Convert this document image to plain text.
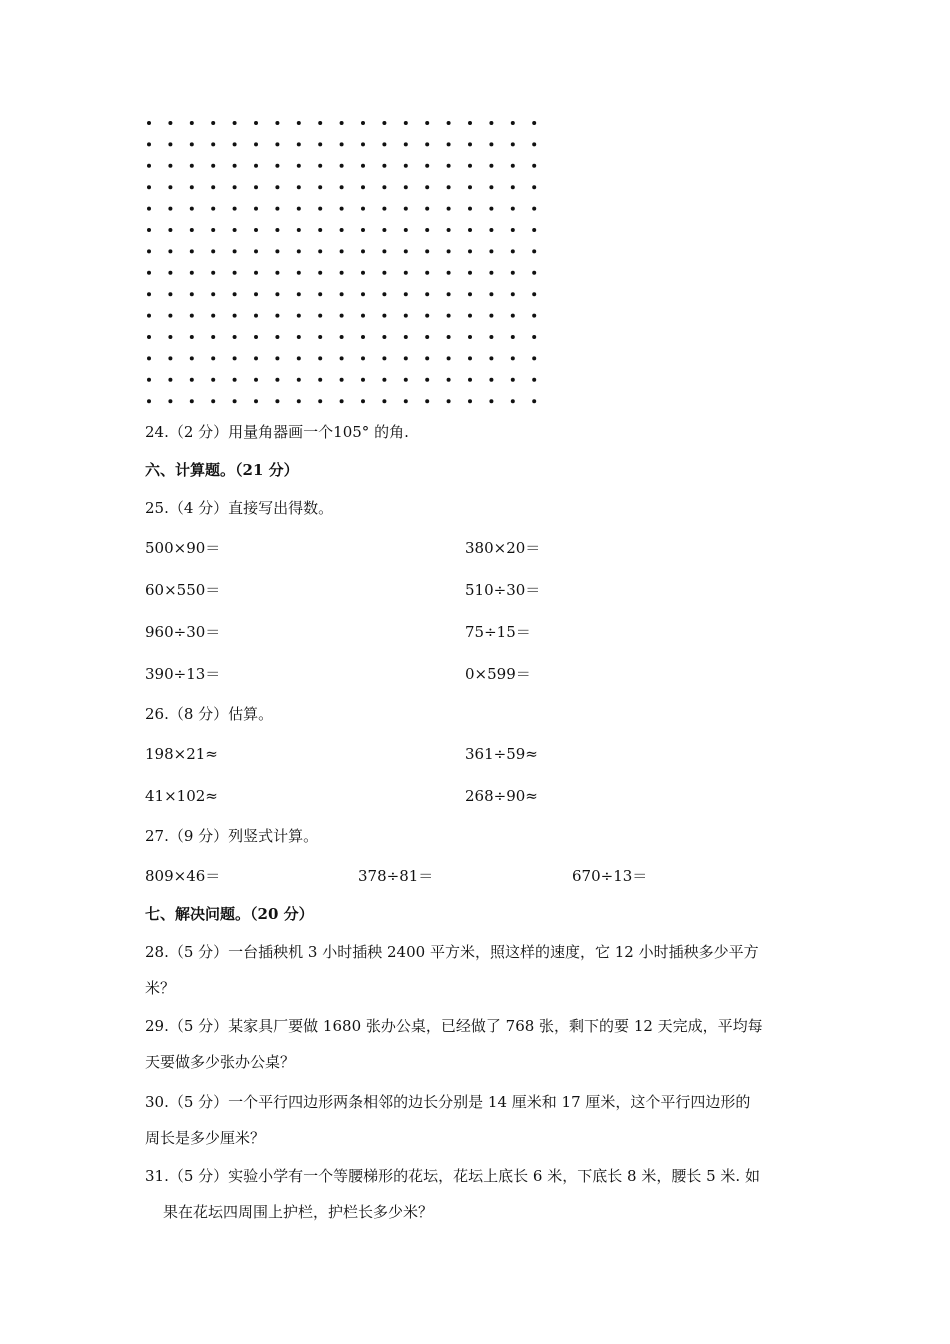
24.（2 分）用量角器画一个105° 的角.
六、计算题。（21 分）
25.（4 分）直接写出得数。
500×90＝	380×20＝
60×550＝	510÷30＝
960÷30＝	75÷15＝
390÷13＝	0×599＝
26.（8 分）估算。
198×21≈	361÷59≈
41×102≈	268÷90≈
27.（9 分）列竖式计算。
809×46＝	378÷81＝	670÷13＝
七、解决问题。（20 分）
28.（5 分）一台插秧机 3 小时插秧 2400 平方米，照这样的速度，它 12 小时插秧多少平方
米？
29.（5 分）某家具厂要做 1680 张办公桌，已经做了 768 张，剩下的要 12 天完成，平均每
天要做多少张办公桌？
30.（5 分）一个平行四边形两条相邻的边长分别是 14 厘米和 17 厘米，这个平行四边形的
周长是多少厘米？
31.（5 分）实验小学有一个等腰梯形的花坛，花坛上底长 6 米，下底长 8 米，腰长 5 米. 如
果在花坛四周围上护栏，护栏长多少米？
